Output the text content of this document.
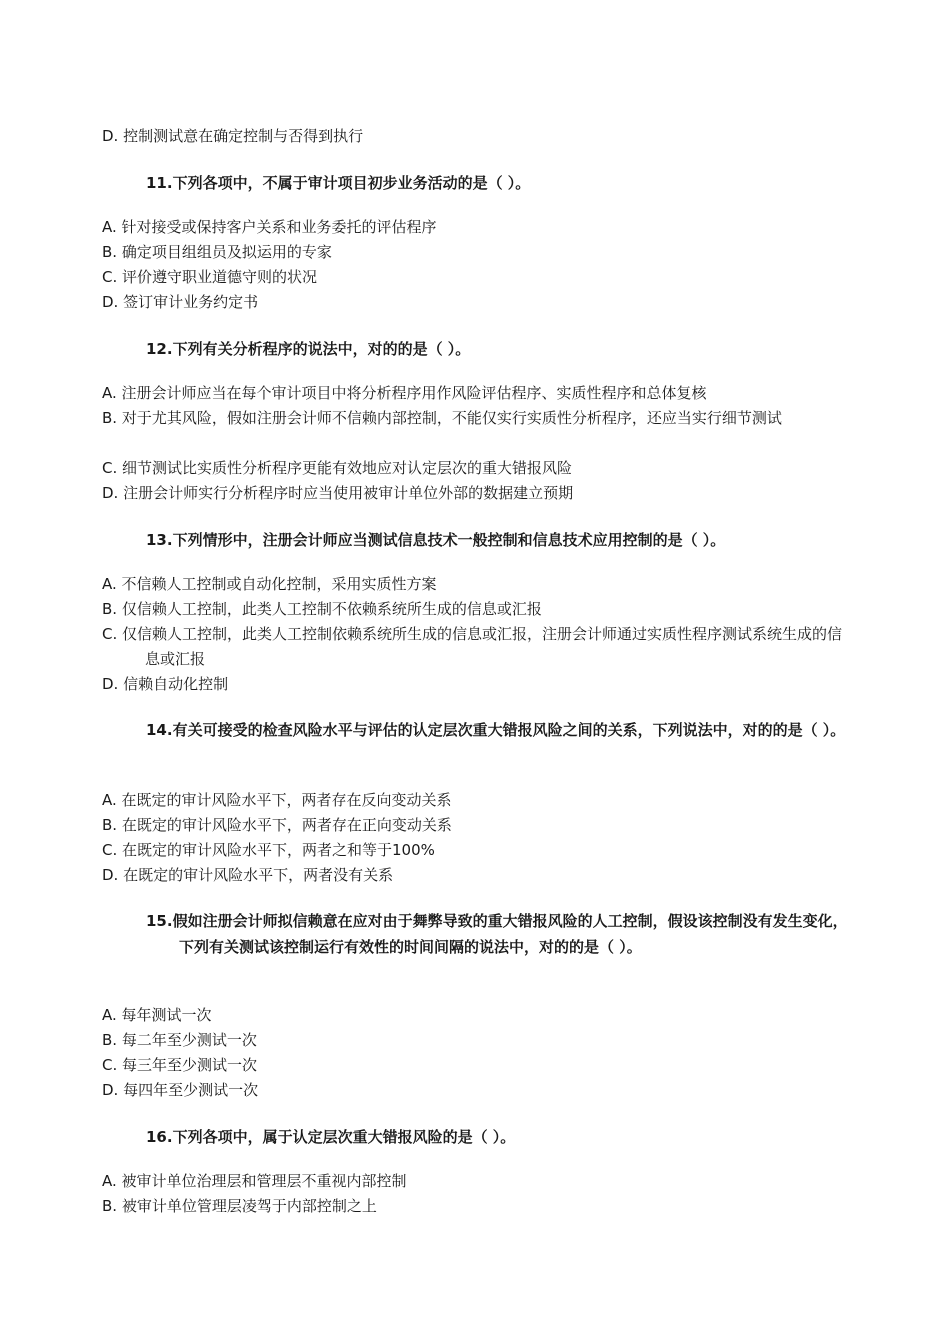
D. 控制测试意在确定控制与否得到执行
11.下列各项中，不属于审计项目初步业务活动的是（ ）。
A. 针对接受或保持客户关系和业务委托的评估程序
B. 确定项目组组员及拟运用的专家
C. 评价遵守职业道德守则的状况
D. 签订审计业务约定书
12.下列有关分析程序的说法中，对的的是（ ）。
A. 注册会计师应当在每个审计项目中将分析程序用作风险评估程序、实质性程序和总体复核
B. 对于尤其风险，假如注册会计师不信赖内部控制，不能仅实行实质性分析程序，还应当实行细节测试
C. 细节测试比实质性分析程序更能有效地应对认定层次的重大错报风险
D. 注册会计师实行分析程序时应当使用被审计单位外部的数据建立预期
13.下列情形中，注册会计师应当测试信息技术一般控制和信息技术应用控制的是（ ）。
A. 不信赖人工控制或自动化控制，采用实质性方案
B. 仅信赖人工控制，此类人工控制不依赖系统所生成的信息或汇报
C. 仅信赖人工控制，此类人工控制依赖系统所生成的信息或汇报，注册会计师通过实质性程序测试系统生成的信息或汇报
D. 信赖自动化控制
14.有关可接受的检查风险水平与评估的认定层次重大错报风险之间的关系，下列说法中，对的的是（ ）。
A. 在既定的审计风险水平下，两者存在反向变动关系
B. 在既定的审计风险水平下，两者存在正向变动关系
C. 在既定的审计风险水平下，两者之和等于100%
D. 在既定的审计风险水平下，两者没有关系
15.假如注册会计师拟信赖意在应对由于舞弊导致的重大错报风险的人工控制，假设该控制没有发生变化，下列有关测试该控制运行有效性的时间间隔的说法中，对的的是（ ）。
A. 每年测试一次
B. 每二年至少测试一次
C. 每三年至少测试一次
D. 每四年至少测试一次
16.下列各项中，属于认定层次重大错报风险的是（ ）。
A. 被审计单位治理层和管理层不重视内部控制
B. 被审计单位管理层凌驾于内部控制之上
